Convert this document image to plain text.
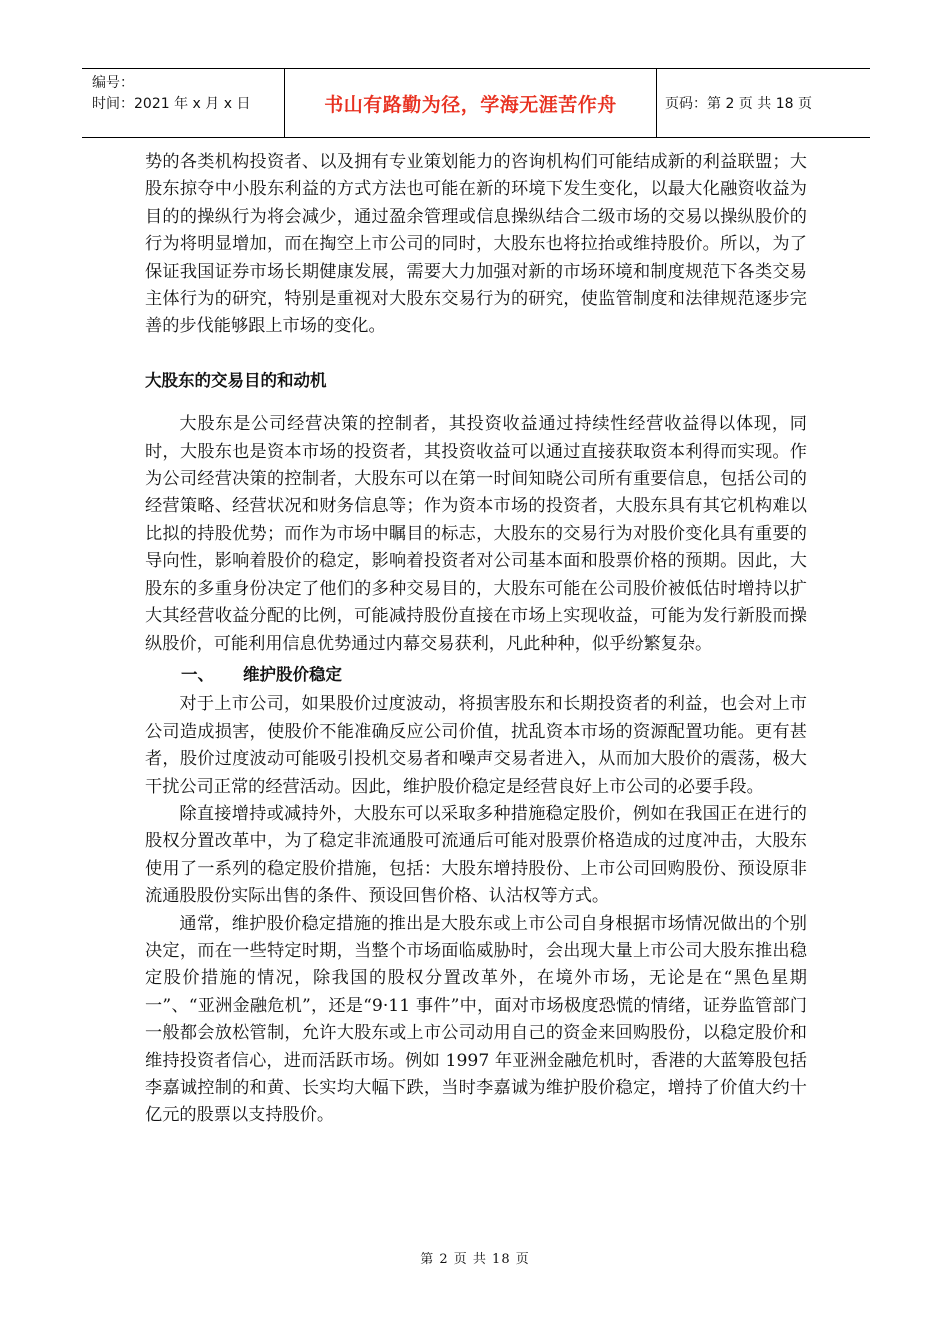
编号：
时间：2021 年 x 月 x 日	书山有路勤为径，学海无涯苦作舟	页码：第 2 页 共 18 页

势的各类机构投资者、以及拥有专业策划能力的咨询机构们可能结成新的利益联盟；大股东掠夺中小股东利益的方式方法也可能在新的环境下发生变化，以最大化融资收益为目的的操纵行为将会减少，通过盈余管理或信息操纵结合二级市场的交易以操纵股价的行为将明显增加，而在掏空上市公司的同时，大股东也将拉抬或维持股价。所以，为了保证我国证券市场长期健康发展，需要大力加强对新的市场环境和制度规范下各类交易主体行为的研究，特别是重视对大股东交易行为的研究，使监管制度和法律规范逐步完善的步伐能够跟上市场的变化。

大股东的交易目的和动机

大股东是公司经营决策的控制者，其投资收益通过持续性经营收益得以体现，同时，大股东也是资本市场的投资者，其投资收益可以通过直接获取资本利得而实现。作为公司经营决策的控制者，大股东可以在第一时间知晓公司所有重要信息，包括公司的经营策略、经营状况和财务信息等；作为资本市场的投资者，大股东具有其它机构难以比拟的持股优势；而作为市场中瞩目的标志，大股东的交易行为对股价变化具有重要的导向性，影响着股价的稳定，影响着投资者对公司基本面和股票价格的预期。因此，大股东的多重身份决定了他们的多种交易目的，大股东可能在公司股价被低估时增持以扩大其经营收益分配的比例，可能减持股份直接在市场上实现收益，可能为发行新股而操纵股价，可能利用信息优势通过内幕交易获利，凡此种种，似乎纷繁复杂。

一、 维护股价稳定

对于上市公司，如果股价过度波动，将损害股东和长期投资者的利益，也会对上市公司造成损害，使股价不能准确反应公司价值，扰乱资本市场的资源配置功能。更有甚者，股价过度波动可能吸引投机交易者和噪声交易者进入，从而加大股价的震荡，极大干扰公司正常的经营活动。因此，维护股价稳定是经营良好上市公司的必要手段。

除直接增持或减持外，大股东可以采取多种措施稳定股价，例如在我国正在进行的股权分置改革中，为了稳定非流通股可流通后可能对股票价格造成的过度冲击，大股东使用了一系列的稳定股价措施，包括：大股东增持股份、上市公司回购股份、预设原非流通股股份实际出售的条件、预设回售价格、认沽权等方式。

通常，维护股价稳定措施的推出是大股东或上市公司自身根据市场情况做出的个别决定，而在一些特定时期，当整个市场面临威胁时，会出现大量上市公司大股东推出稳定股价措施的情况，除我国的股权分置改革外，在境外市场，无论是在“黑色星期一”、“亚洲金融危机”，还是“9·11 事件”中，面对市场极度恐慌的情绪，证券监管部门一般都会放松管制，允许大股东或上市公司动用自己的资金来回购股份，以稳定股价和维持投资者信心，进而活跃市场。例如 1997 年亚洲金融危机时，香港的大蓝筹股包括李嘉诚控制的和黄、长实均大幅下跌，当时李嘉诚为维护股价稳定，增持了价值大约十亿元的股票以支持股价。

第 2 页 共 18 页
